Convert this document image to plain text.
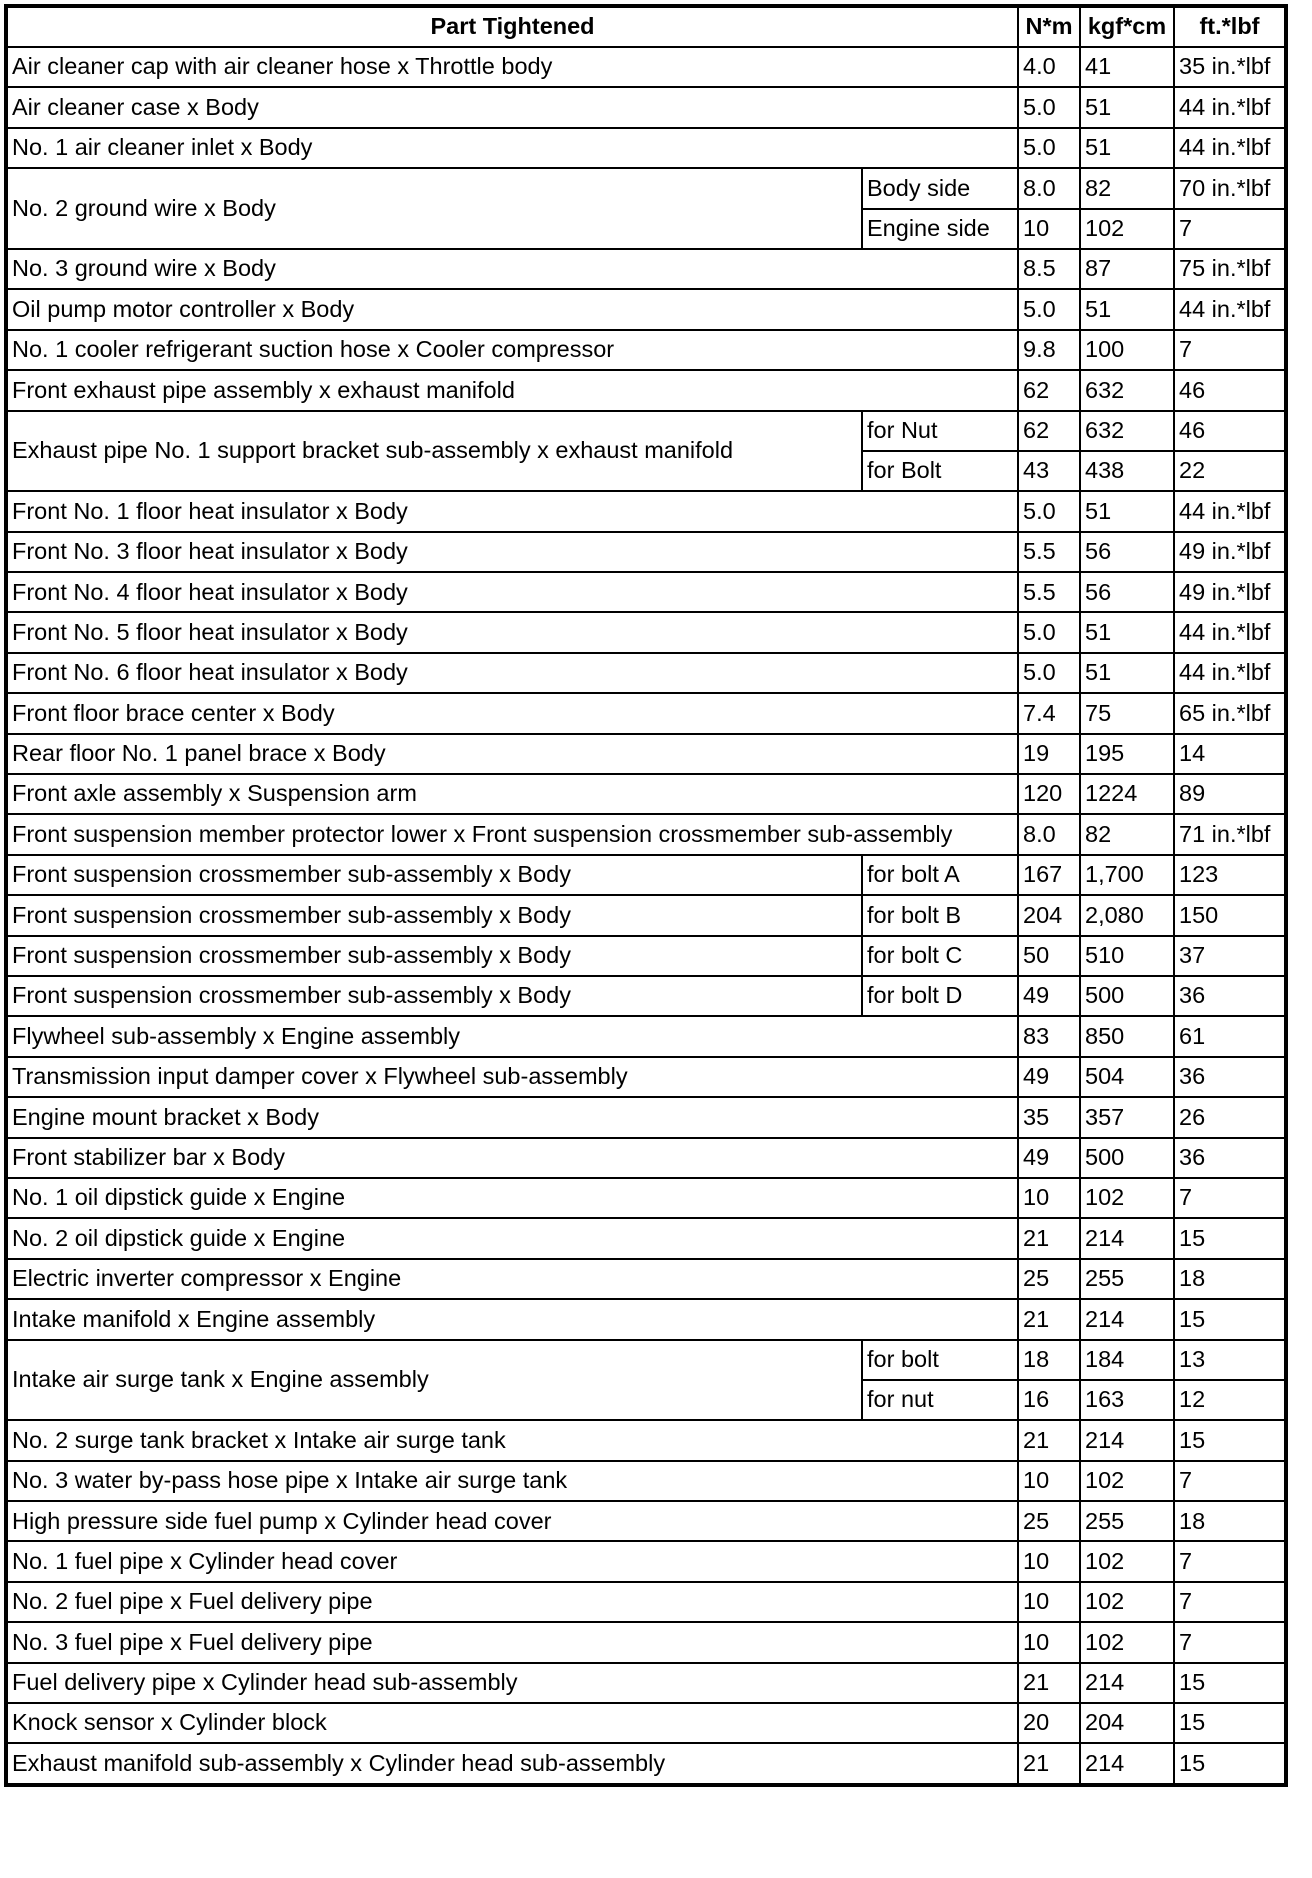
Part Tightened		N*m	kgf*cm	ft.*lbf
Air cleaner cap with air cleaner hose x Throttle body		4.0	41	35 in.*lbf
Air cleaner case x Body		5.0	51	44 in.*lbf
No. 1 air cleaner inlet x Body		5.0	51	44 in.*lbf
No. 2 ground wire x Body	Body side	8.0	82	70 in.*lbf
	Engine side	10	102	7
No. 3 ground wire x Body		8.5	87	75 in.*lbf
Oil pump motor controller x Body		5.0	51	44 in.*lbf
No. 1 cooler refrigerant suction hose x Cooler compressor		9.8	100	7
Front exhaust pipe assembly x exhaust manifold		62	632	46
Exhaust pipe No. 1 support bracket sub-assembly x exhaust manifold	for Nut	62	632	46
	for Bolt	43	438	22
Front No. 1 floor heat insulator x Body		5.0	51	44 in.*lbf
Front No. 3 floor heat insulator x Body		5.5	56	49 in.*lbf
Front No. 4 floor heat insulator x Body		5.5	56	49 in.*lbf
Front No. 5 floor heat insulator x Body		5.0	51	44 in.*lbf
Front No. 6 floor heat insulator x Body		5.0	51	44 in.*lbf
Front floor brace center x Body		7.4	75	65 in.*lbf
Rear floor No. 1 panel brace x Body		19	195	14
Front axle assembly x Suspension arm		120	1224	89
Front suspension member protector lower x Front suspension crossmember sub-assembly		8.0	82	71 in.*lbf
Front suspension crossmember sub-assembly x Body	for bolt A	167	1,700	123
Front suspension crossmember sub-assembly x Body	for bolt B	204	2,080	150
Front suspension crossmember sub-assembly x Body	for bolt C	50	510	37
Front suspension crossmember sub-assembly x Body	for bolt D	49	500	36
Flywheel sub-assembly x Engine assembly		83	850	61
Transmission input damper cover x Flywheel sub-assembly		49	504	36
Engine mount bracket x Body		35	357	26
Front stabilizer bar x Body		49	500	36
No. 1 oil dipstick guide x Engine		10	102	7
No. 2 oil dipstick guide x Engine		21	214	15
Electric inverter compressor x Engine		25	255	18
Intake manifold x Engine assembly		21	214	15
Intake air surge tank x Engine assembly	for bolt	18	184	13
	for nut	16	163	12
No. 2 surge tank bracket x Intake air surge tank		21	214	15
No. 3 water by-pass hose pipe x Intake air surge tank		10	102	7
High pressure side fuel pump x Cylinder head cover		25	255	18
No. 1 fuel pipe x Cylinder head cover		10	102	7
No. 2 fuel pipe x Fuel delivery pipe		10	102	7
No. 3 fuel pipe x Fuel delivery pipe		10	102	7
Fuel delivery pipe x Cylinder head sub-assembly		21	214	15
Knock sensor x Cylinder block		20	204	15
Exhaust manifold sub-assembly x Cylinder head sub-assembly		21	214	15
